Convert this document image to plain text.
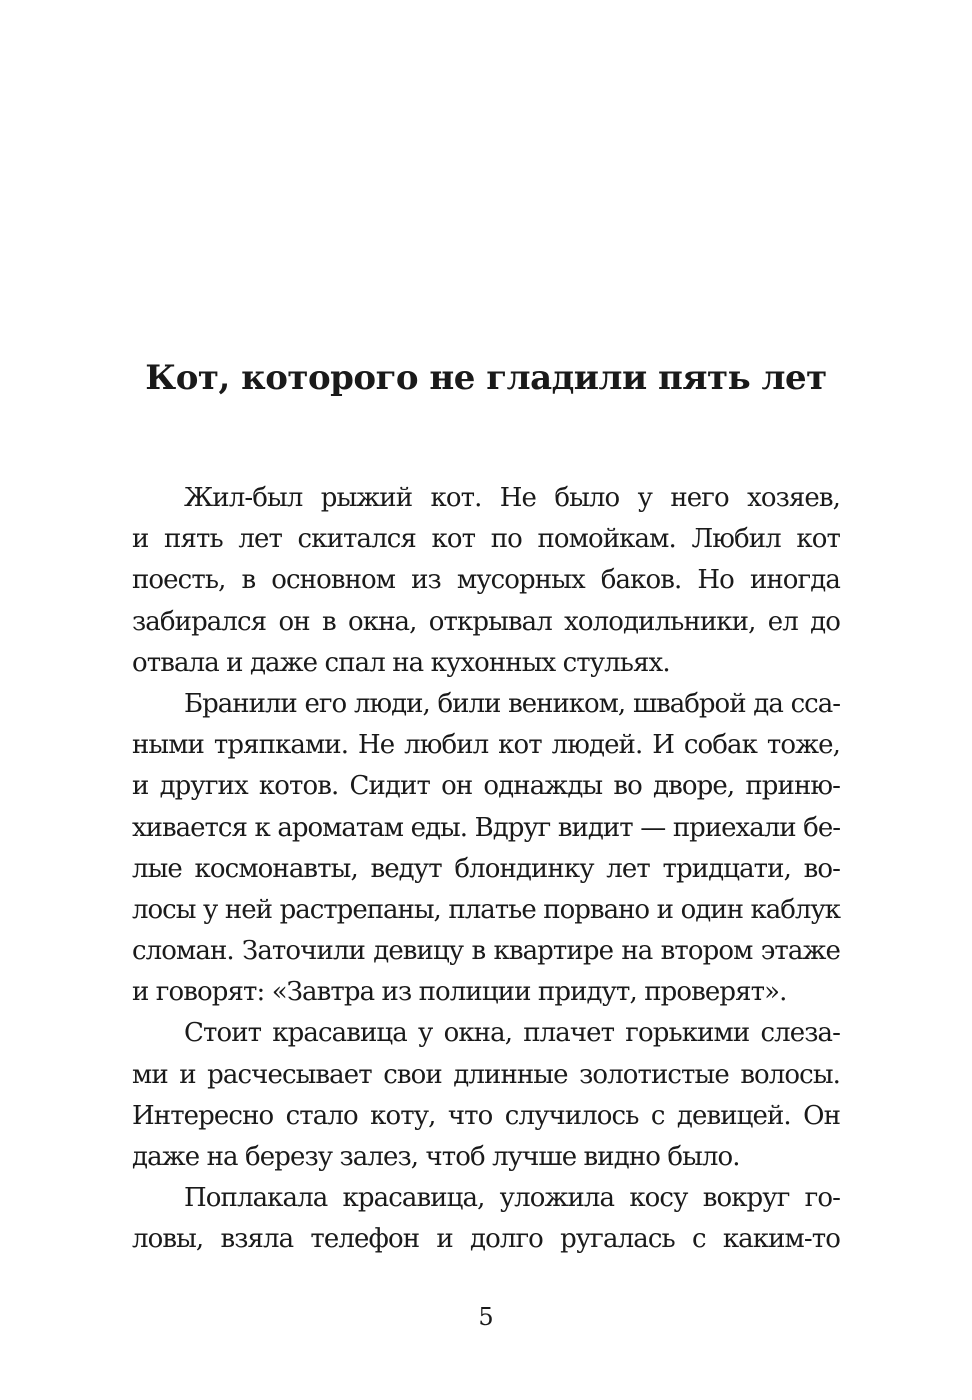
Кот, которого не гладили пять лет
Жил-был рыжий кот. Не было у него хозяев,
и пять лет скитался кот по помойкам. Любил кот
поесть, в основном из мусорных баков. Но иногда
забирался он в окна, открывал холодильники, ел до
отвала и даже спал на кухонных стульях.
Бранили его люди, били веником, шваброй да сса-
ными тряпками. Не любил кот людей. И собак тоже,
и других котов. Сидит он однажды во дворе, приню-
хивается к ароматам еды. Вдруг видит — приехали бе-
лые космонавты, ведут блондинку лет тридцати, во-
лосы у ней растрепаны, платье порвано и один каблук
сломан. Заточили девицу в квартире на втором этаже
и говорят: «Завтра из полиции придут, проверят».
Стоит красавица у окна, плачет горькими слеза-
ми и расчесывает свои длинные золотистые волосы.
Интересно стало коту, что случилось с девицей. Он
даже на березу залез, чтоб лучше видно было.
Поплакала красавица, уложила косу вокруг го-
ловы, взяла телефон и долго ругалась с каким-то
5
